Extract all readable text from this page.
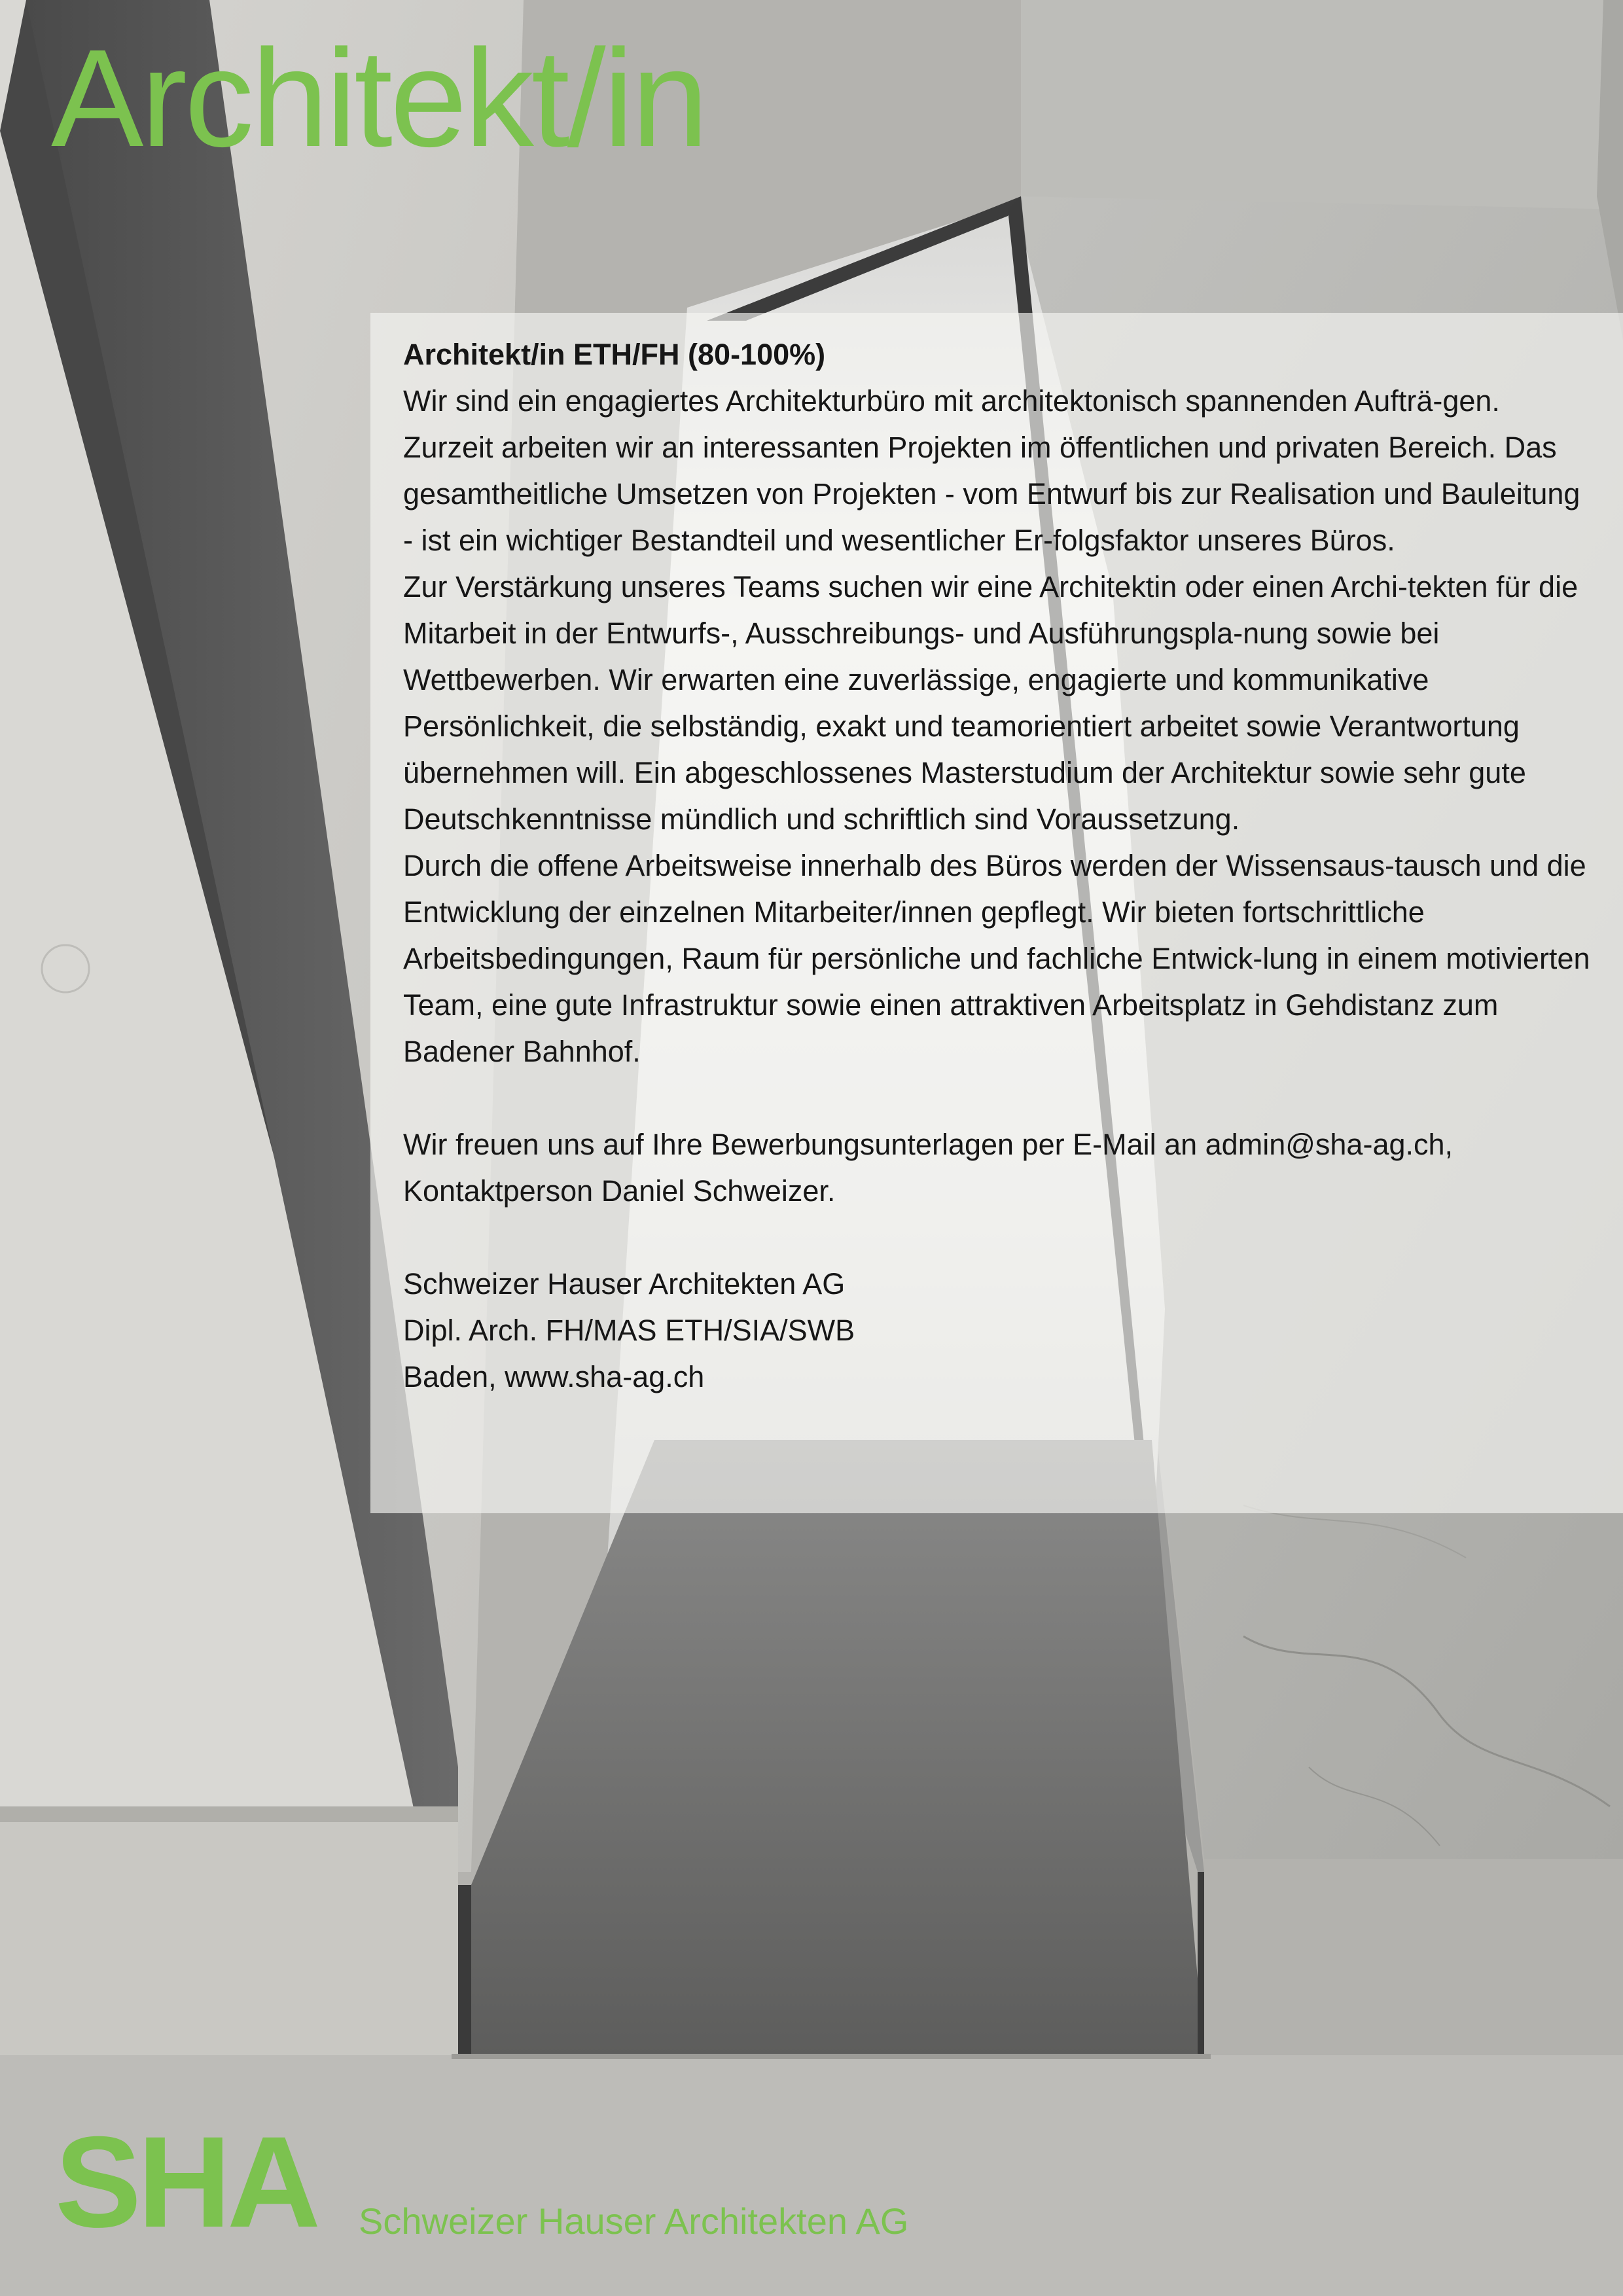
Architekt/in

Architekt/in ETH/FH (80-100%)

Wir sind ein engagiertes Architekturbüro mit architektonisch spannenden Aufträ-gen. Zurzeit arbeiten wir an interessanten Projekten im öffentlichen und privaten Bereich. Das gesamtheitliche Umsetzen von Projekten - vom Entwurf bis zur Realisation und Bauleitung - ist ein wichtiger Bestandteil und wesentlicher Er-folgsfaktor unseres Büros.

Zur Verstärkung unseres Teams suchen wir eine Architektin oder einen Archi-tekten für die Mitarbeit in der Entwurfs-, Ausschreibungs- und Ausführungspla-nung sowie bei Wettbewerben. Wir erwarten eine zuverlässige, engagierte und kommunikative Persönlichkeit, die selbständig, exakt und teamorientiert arbeitet sowie Verantwortung übernehmen will. Ein abgeschlossenes Masterstudium der Architektur sowie sehr gute Deutschkenntnisse mündlich und schriftlich sind Voraussetzung.

Durch die offene Arbeitsweise innerhalb des Büros werden der Wissensaus-tausch und die Entwicklung der einzelnen Mitarbeiter/innen gepflegt. Wir bieten fortschrittliche Arbeitsbedingungen, Raum für persönliche und fachliche Entwick-lung in einem motivierten Team, eine gute Infrastruktur sowie einen attraktiven Arbeitsplatz in Gehdistanz zum Badener Bahnhof.

Wir freuen uns auf Ihre Bewerbungsunterlagen per E-Mail an admin@sha-ag.ch, Kontaktperson Daniel Schweizer.

Schweizer Hauser Architekten AG

Dipl. Arch. FH/MAS ETH/SIA/SWB

Baden, www.sha-ag.ch

SHA Schweizer Hauser Architekten AG
